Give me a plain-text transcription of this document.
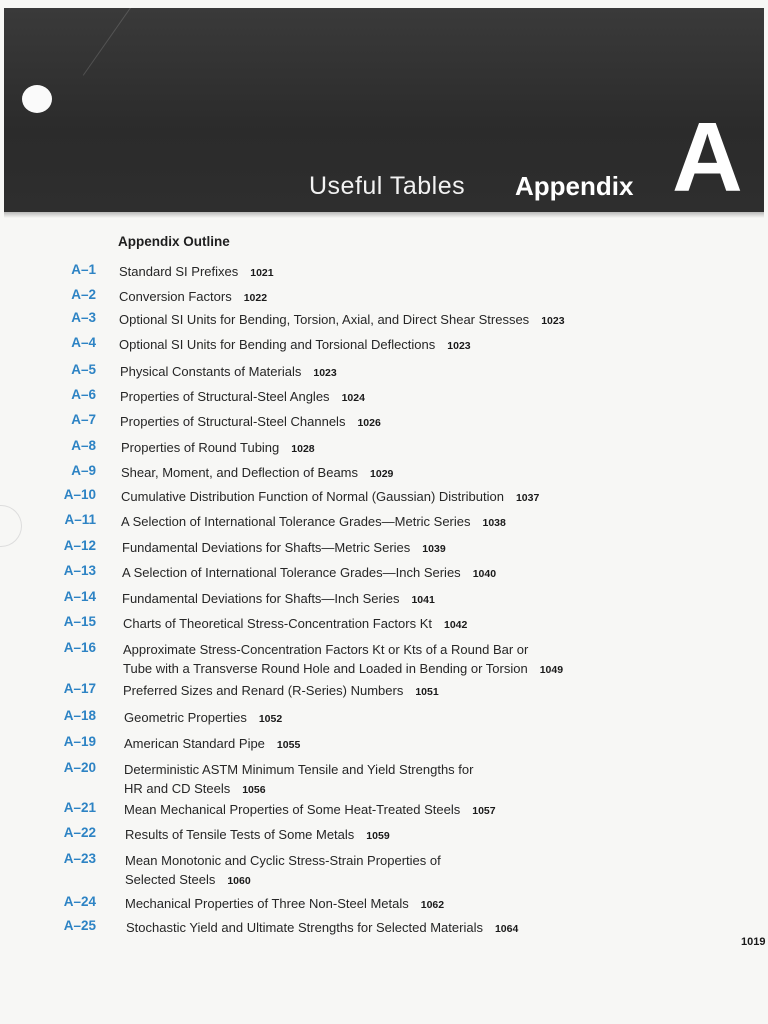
Useful Tables Appendix A
Appendix Outline
A–1 Standard SI Prefixes 1021
A–2 Conversion Factors 1022
A–3 Optional SI Units for Bending, Torsion, Axial, and Direct Shear Stresses 1023
A–4 Optional SI Units for Bending and Torsional Deflections 1023
A–5 Physical Constants of Materials 1023
A–6 Properties of Structural-Steel Angles 1024
A–7 Properties of Structural-Steel Channels 1026
A–8 Properties of Round Tubing 1028
A–9 Shear, Moment, and Deflection of Beams 1029
A–10 Cumulative Distribution Function of Normal (Gaussian) Distribution 1037
A–11 A Selection of International Tolerance Grades—Metric Series 1038
A–12 Fundamental Deviations for Shafts—Metric Series 1039
A–13 A Selection of International Tolerance Grades—Inch Series 1040
A–14 Fundamental Deviations for Shafts—Inch Series 1041
A–15 Charts of Theoretical Stress-Concentration Factors Kt 1042
A–16 Approximate Stress-Concentration Factors Kt or Kts of a Round Bar or
Tube with a Transverse Round Hole and Loaded in Bending or Torsion 1049
A–17 Preferred Sizes and Renard (R-Series) Numbers 1051
A–18 Geometric Properties 1052
A–19 American Standard Pipe 1055
A–20 Deterministic ASTM Minimum Tensile and Yield Strengths for
HR and CD Steels 1056
A–21 Mean Mechanical Properties of Some Heat-Treated Steels 1057
A–22 Results of Tensile Tests of Some Metals 1059
A–23 Mean Monotonic and Cyclic Stress-Strain Properties of
Selected Steels 1060
A–24 Mechanical Properties of Three Non-Steel Metals 1062
A–25 Stochastic Yield and Ultimate Strengths for Selected Materials 1064
1019
